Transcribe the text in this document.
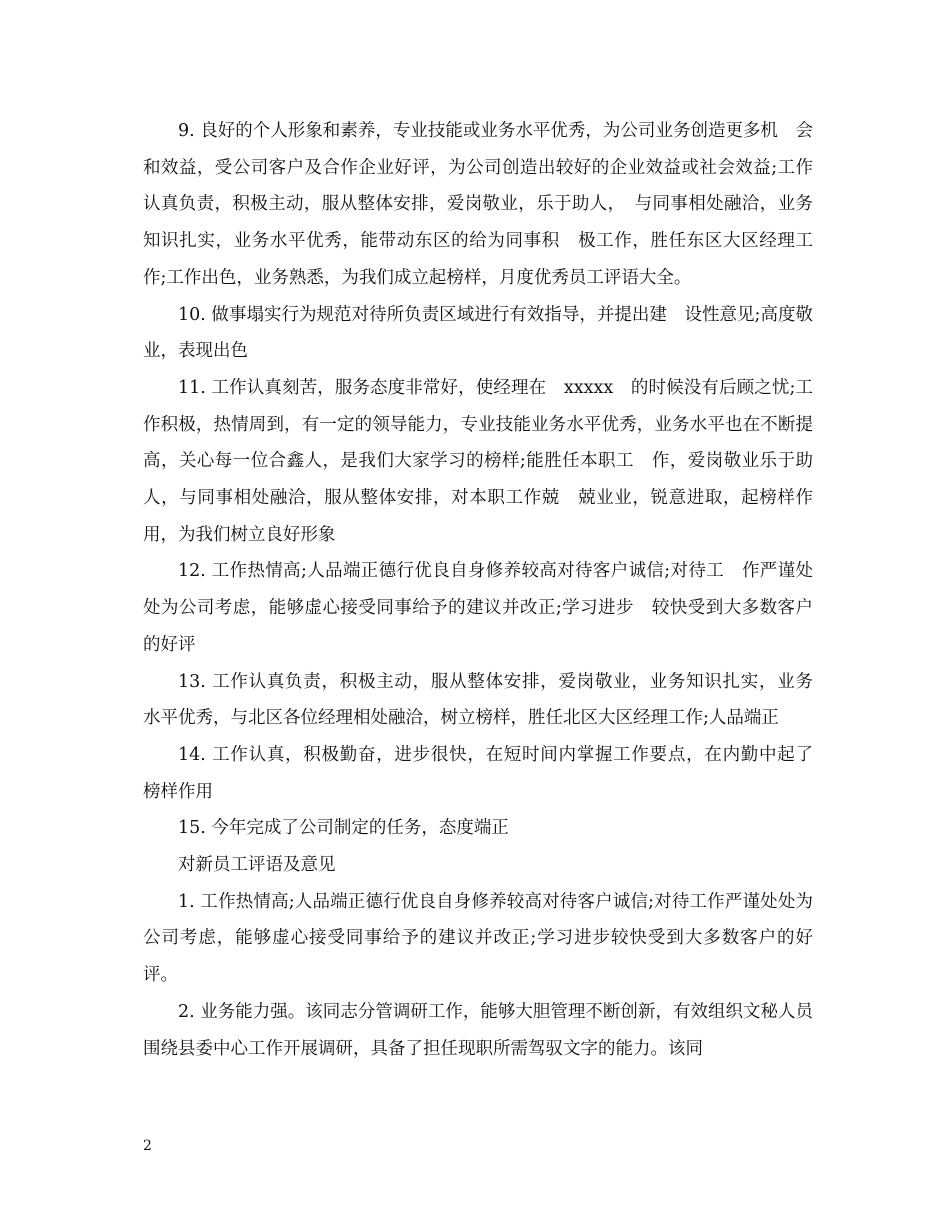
9. 良好的个人形象和素养，专业技能或业务水平优秀，为公司业务创造更多机　会和效益，受公司客户及合作企业好评，为公司创造出较好的企业效益或社会效益;工作认真负责，积极主动，服从整体安排，爱岗敬业，乐于助人，　与同事相处融洽，业务知识扎实，业务水平优秀，能带动东区的给为同事积　极工作，胜任东区大区经理工作;工作出色，业务熟悉，为我们成立起榜样，月度优秀员工评语大全。

10. 做事塌实行为规范对待所负责区域进行有效指导，并提出建　设性意见;高度敬业，表现出色

11. 工作认真刻苦，服务态度非常好，使经理在　xxxxx　的时候没有后顾之忧;工　作积极，热情周到，有一定的领导能力，专业技能业务水平优秀，业务水平也在不断提高，关心每一位合鑫人，是我们大家学习的榜样;能胜任本职工　作，爱岗敬业乐于助人，与同事相处融洽，服从整体安排，对本职工作兢　兢业业，锐意进取，起榜样作用，为我们树立良好形象

12. 工作热情高;人品端正德行优良自身修养较高对待客户诚信;对待工　作严谨处处为公司考虑，能够虚心接受同事给予的建议并改正;学习进步　较快受到大多数客户的好评

13. 工作认真负责，积极主动，服从整体安排，爱岗敬业，业务知识扎实，业务　水平优秀，与北区各位经理相处融洽，树立榜样，胜任北区大区经理工作;人品端正

14. 工作认真，积极勤奋，进步很快，在短时间内掌握工作要点，在内勤中起了　榜样作用

15. 今年完成了公司制定的任务，态度端正

对新员工评语及意见

1. 工作热情高;人品端正德行优良自身修养较高对待客户诚信;对待工作严谨处处为公司考虑，能够虚心接受同事给予的建议并改正;学习进步较快受到大多数客户的好评。

2. 业务能力强。该同志分管调研工作，能够大胆管理不断创新，有效组织文秘人员围绕县委中心工作开展调研，具备了担任现职所需驾驭文字的能力。该同

2
